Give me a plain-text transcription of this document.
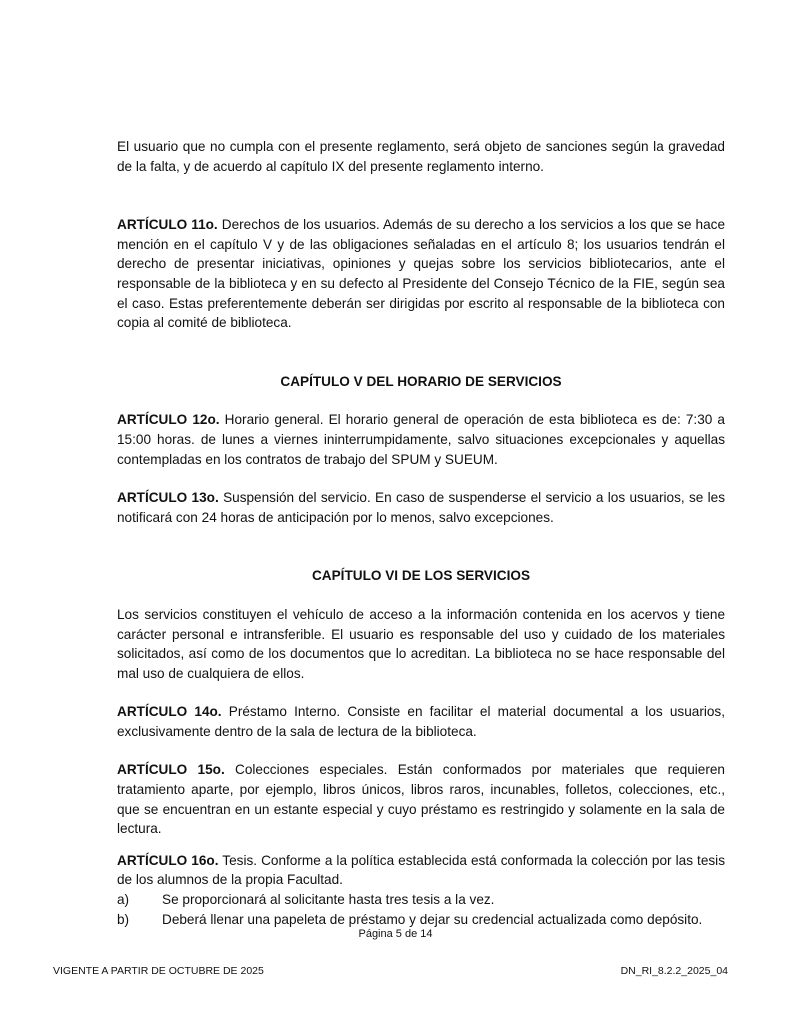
El usuario que no cumpla con el presente reglamento, será objeto de sanciones según la gravedad de la falta, y de acuerdo al capítulo IX del presente reglamento interno.

ARTÍCULO 11o. Derechos de los usuarios. Además de su derecho a los servicios a los que se hace mención en el capítulo V y de las obligaciones señaladas en el artículo 8; los usuarios tendrán el derecho de presentar iniciativas, opiniones y quejas sobre los servicios bibliotecarios, ante el responsable de la biblioteca y en su defecto al Presidente del Consejo Técnico de la FIE, según sea el caso. Estas preferentemente deberán ser dirigidas por escrito al responsable de la biblioteca con copia al comité de biblioteca.

CAPÍTULO V DEL HORARIO DE SERVICIOS

ARTÍCULO 12o. Horario general. El horario general de operación de esta biblioteca es de: 7:30 a 15:00 horas. de lunes a viernes ininterrumpidamente, salvo situaciones excepcionales y aquellas contempladas en los contratos de trabajo del SPUM y SUEUM.

ARTÍCULO 13o. Suspensión del servicio. En caso de suspenderse el servicio a los usuarios, se les notificará con 24 horas de anticipación por lo menos, salvo excepciones.

CAPÍTULO VI DE LOS SERVICIOS

Los servicios constituyen el vehículo de acceso a la información contenida en los acervos y tiene carácter personal e intransferible. El usuario es responsable del uso y cuidado de los materiales solicitados, así como de los documentos que lo acreditan. La biblioteca no se hace responsable del mal uso de cualquiera de ellos.

ARTÍCULO 14o. Préstamo Interno. Consiste en facilitar el material documental a los usuarios, exclusivamente dentro de la sala de lectura de la biblioteca.

ARTÍCULO 15o. Colecciones especiales. Están conformados por materiales que requieren tratamiento aparte, por ejemplo, libros únicos, libros raros, incunables, folletos, colecciones, etc., que se encuentran en un estante especial y cuyo préstamo es restringido y solamente en la sala de lectura.

ARTÍCULO 16o. Tesis. Conforme a la política establecida está conformada la colección por las tesis de los alumnos de la propia Facultad.

a)	Se proporcionará al solicitante hasta tres tesis a la vez.
b)	Deberá llenar una papeleta de préstamo y dejar su credencial actualizada como depósito.
Página 5 de 14
VIGENTE A PARTIR DE OCTUBRE DE 2025	DN_RI_8.2.2_2025_04
